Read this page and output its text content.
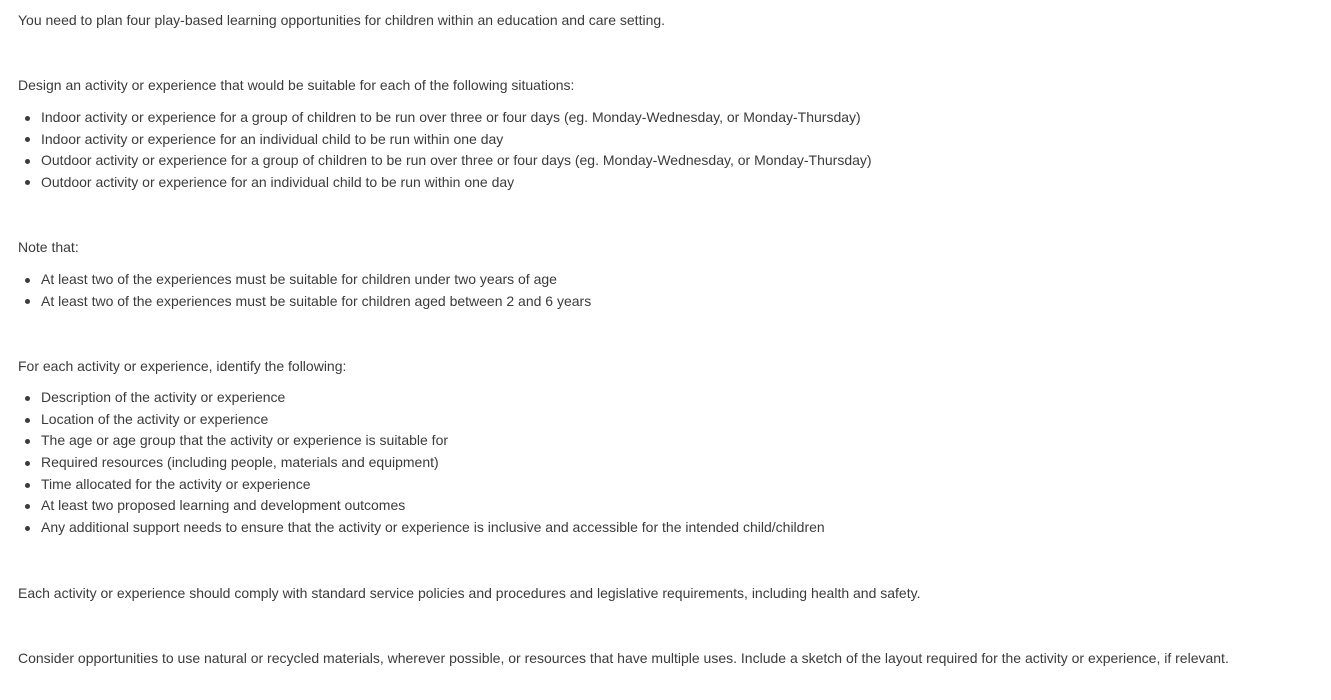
You need to plan four play-based learning opportunities for children within an education and care setting.

Design an activity or experience that would be suitable for each of the following situations:

Indoor activity or experience for a group of children to be run over three or four days (eg. Monday-Wednesday, or Monday-Thursday)
Indoor activity or experience for an individual child to be run within one day
Outdoor activity or experience for a group of children to be run over three or four days (eg. Monday-Wednesday, or Monday-Thursday)
Outdoor activity or experience for an individual child to be run within one day

Note that:

At least two of the experiences must be suitable for children under two years of age
At least two of the experiences must be suitable for children aged between 2 and 6 years

For each activity or experience, identify the following:

Description of the activity or experience
Location of the activity or experience
The age or age group that the activity or experience is suitable for
Required resources (including people, materials and equipment)
Time allocated for the activity or experience
At least two proposed learning and development outcomes
Any additional support needs to ensure that the activity or experience is inclusive and accessible for the intended child/children

Each activity or experience should comply with standard service policies and procedures and legislative requirements, including health and safety.

Consider opportunities to use natural or recycled materials, wherever possible, or resources that have multiple uses. Include a sketch of the layout required for the activity or experience, if relevant.
